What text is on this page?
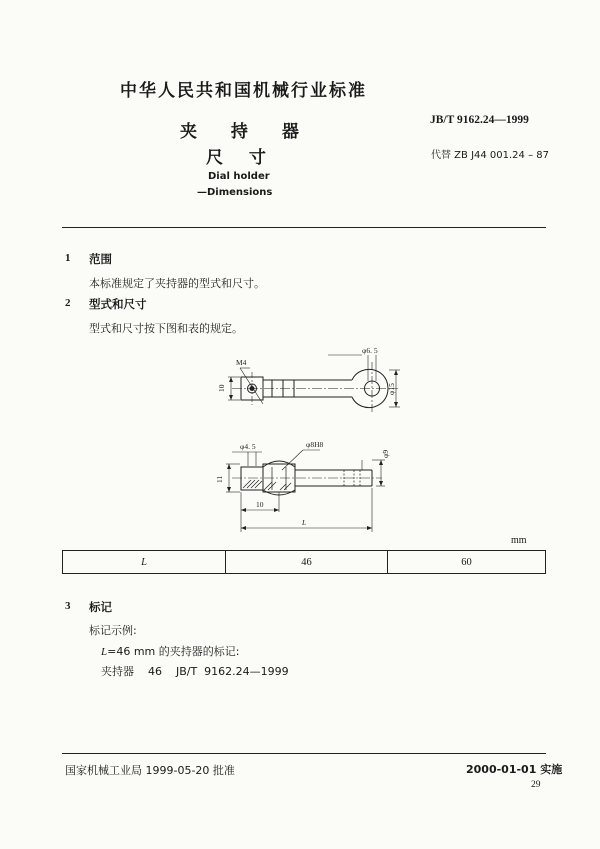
中华人民共和国机械行业标准
夹 持 器
JB/T 9162.24—1999
尺 寸	代替 ZB J44 001.24 – 87
Dial holder
—Dimensions
1 范围
本标准规定了夹持器的型式和尺寸。
2 型式和尺寸
型式和尺寸按下图和表的规定。
M4
φ6. 5
10	φ15
φ4. 5	φ8H8
φ9
11
10
L
mm
L	46	60
3 标记
标记示例:
L=46 mm 的夹持器的标记:
夹持器    46    JB/T  9162.24—1999
国家机械工业局 1999-05-20 批准	2000-01-01 实施
29
